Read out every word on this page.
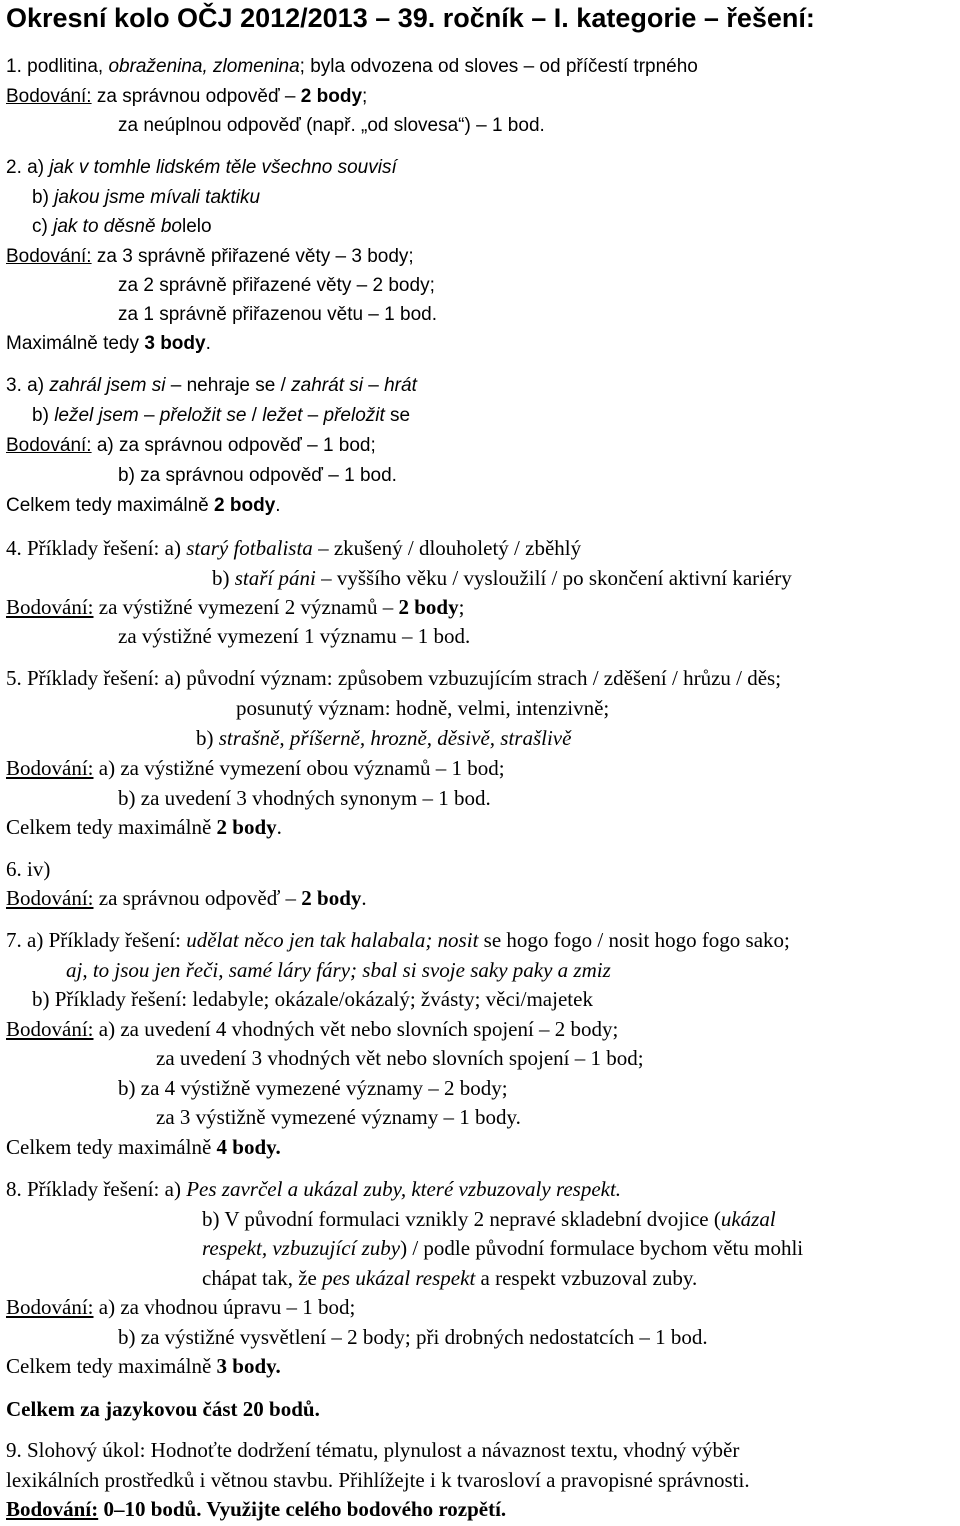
Okresní kolo OČJ 2012/2013 – 39. ročník – I. kategorie – řešení:
1. podlitina, obraženina, zlomenina; byla odvozena od sloves – od příčestí trpného
Bodování: za správnou odpověď – 2 body;
za neúplnou odpověď (např. „od slovesa“) – 1 bod.
2. a) jak v tomhle lidském těle všechno souvisí
b) jakou jsme mívali taktiku
c) jak to děsně bolelo
Bodování: za 3 správně přiřazené věty – 3 body;
za 2 správně přiřazené věty – 2 body;
za 1 správně přiřazenou větu – 1 bod.
Maximálně tedy 3 body.
3. a) zahrál jsem si – nehraje se / zahrát si – hrát
b) ležel jsem – přeložit se / ležet – přeložit se
Bodování: a) za správnou odpověď – 1 bod;
b) za správnou odpověď – 1 bod.
Celkem tedy maximálně 2 body.
4. Příklady řešení: a) starý fotbalista – zkušený / dlouholetý / zběhlý
b) staří páni – vyššího věku / vysloužilí / po skončení aktivní kariéry
Bodování: za výstižné vymezení 2 významů – 2 body;
za výstižné vymezení 1 významu – 1 bod.
5. Příklady řešení: a) původní význam: způsobem vzbuzujícím strach / zděšení / hrůzu / děs;
posunutý význam: hodně, velmi, intenzivně;
b) strašně, příšerně, hrozně, děsivě, strašlivě
Bodování: a) za výstižné vymezení obou významů – 1 bod;
b) za uvedení 3 vhodných synonym – 1 bod.
Celkem tedy maximálně 2 body.
6. iv)
Bodování: za správnou odpověď – 2 body.
7. a) Příklady řešení: udělat něco jen tak halabala; nosit se hogo fogo / nosit hogo fogo sako;
aj, to jsou jen řeči, samé láry fáry; sbal si svoje saky paky a zmiz
b) Příklady řešení: ledabyle; okázale/okázalý; žvásty; věci/majetek
Bodování: a) za uvedení 4 vhodných vět nebo slovních spojení – 2 body;
za uvedení 3 vhodných vět nebo slovních spojení – 1 bod;
b) za 4 výstižně vymezené významy – 2 body;
za 3 výstižně vymezené významy – 1 body.
Celkem tedy maximálně 4 body.
8. Příklady řešení: a) Pes zavrčel a ukázal zuby, které vzbuzovaly respekt.
b) V původní formulaci vznikly 2 nepravé skladební dvojice (ukázal
respekt, vzbuzující zuby) / podle původní formulace bychom větu mohli
chápat tak, že pes ukázal respekt a respekt vzbuzoval zuby.
Bodování: a) za vhodnou úpravu – 1 bod;
b) za výstižné vysvětlení – 2 body; při drobných nedostatcích – 1 bod.
Celkem tedy maximálně 3 body.
Celkem za jazykovou část 20 bodů.
9. Slohový úkol: Hodnoťte dodržení tématu, plynulost a návaznost textu, vhodný výběr
lexikálních prostředků i větnou stavbu. Přihlížejte i k tvarosloví a pravopisné správnosti.
Bodování: 0–10 bodů. Využijte celého bodového rozpětí.
